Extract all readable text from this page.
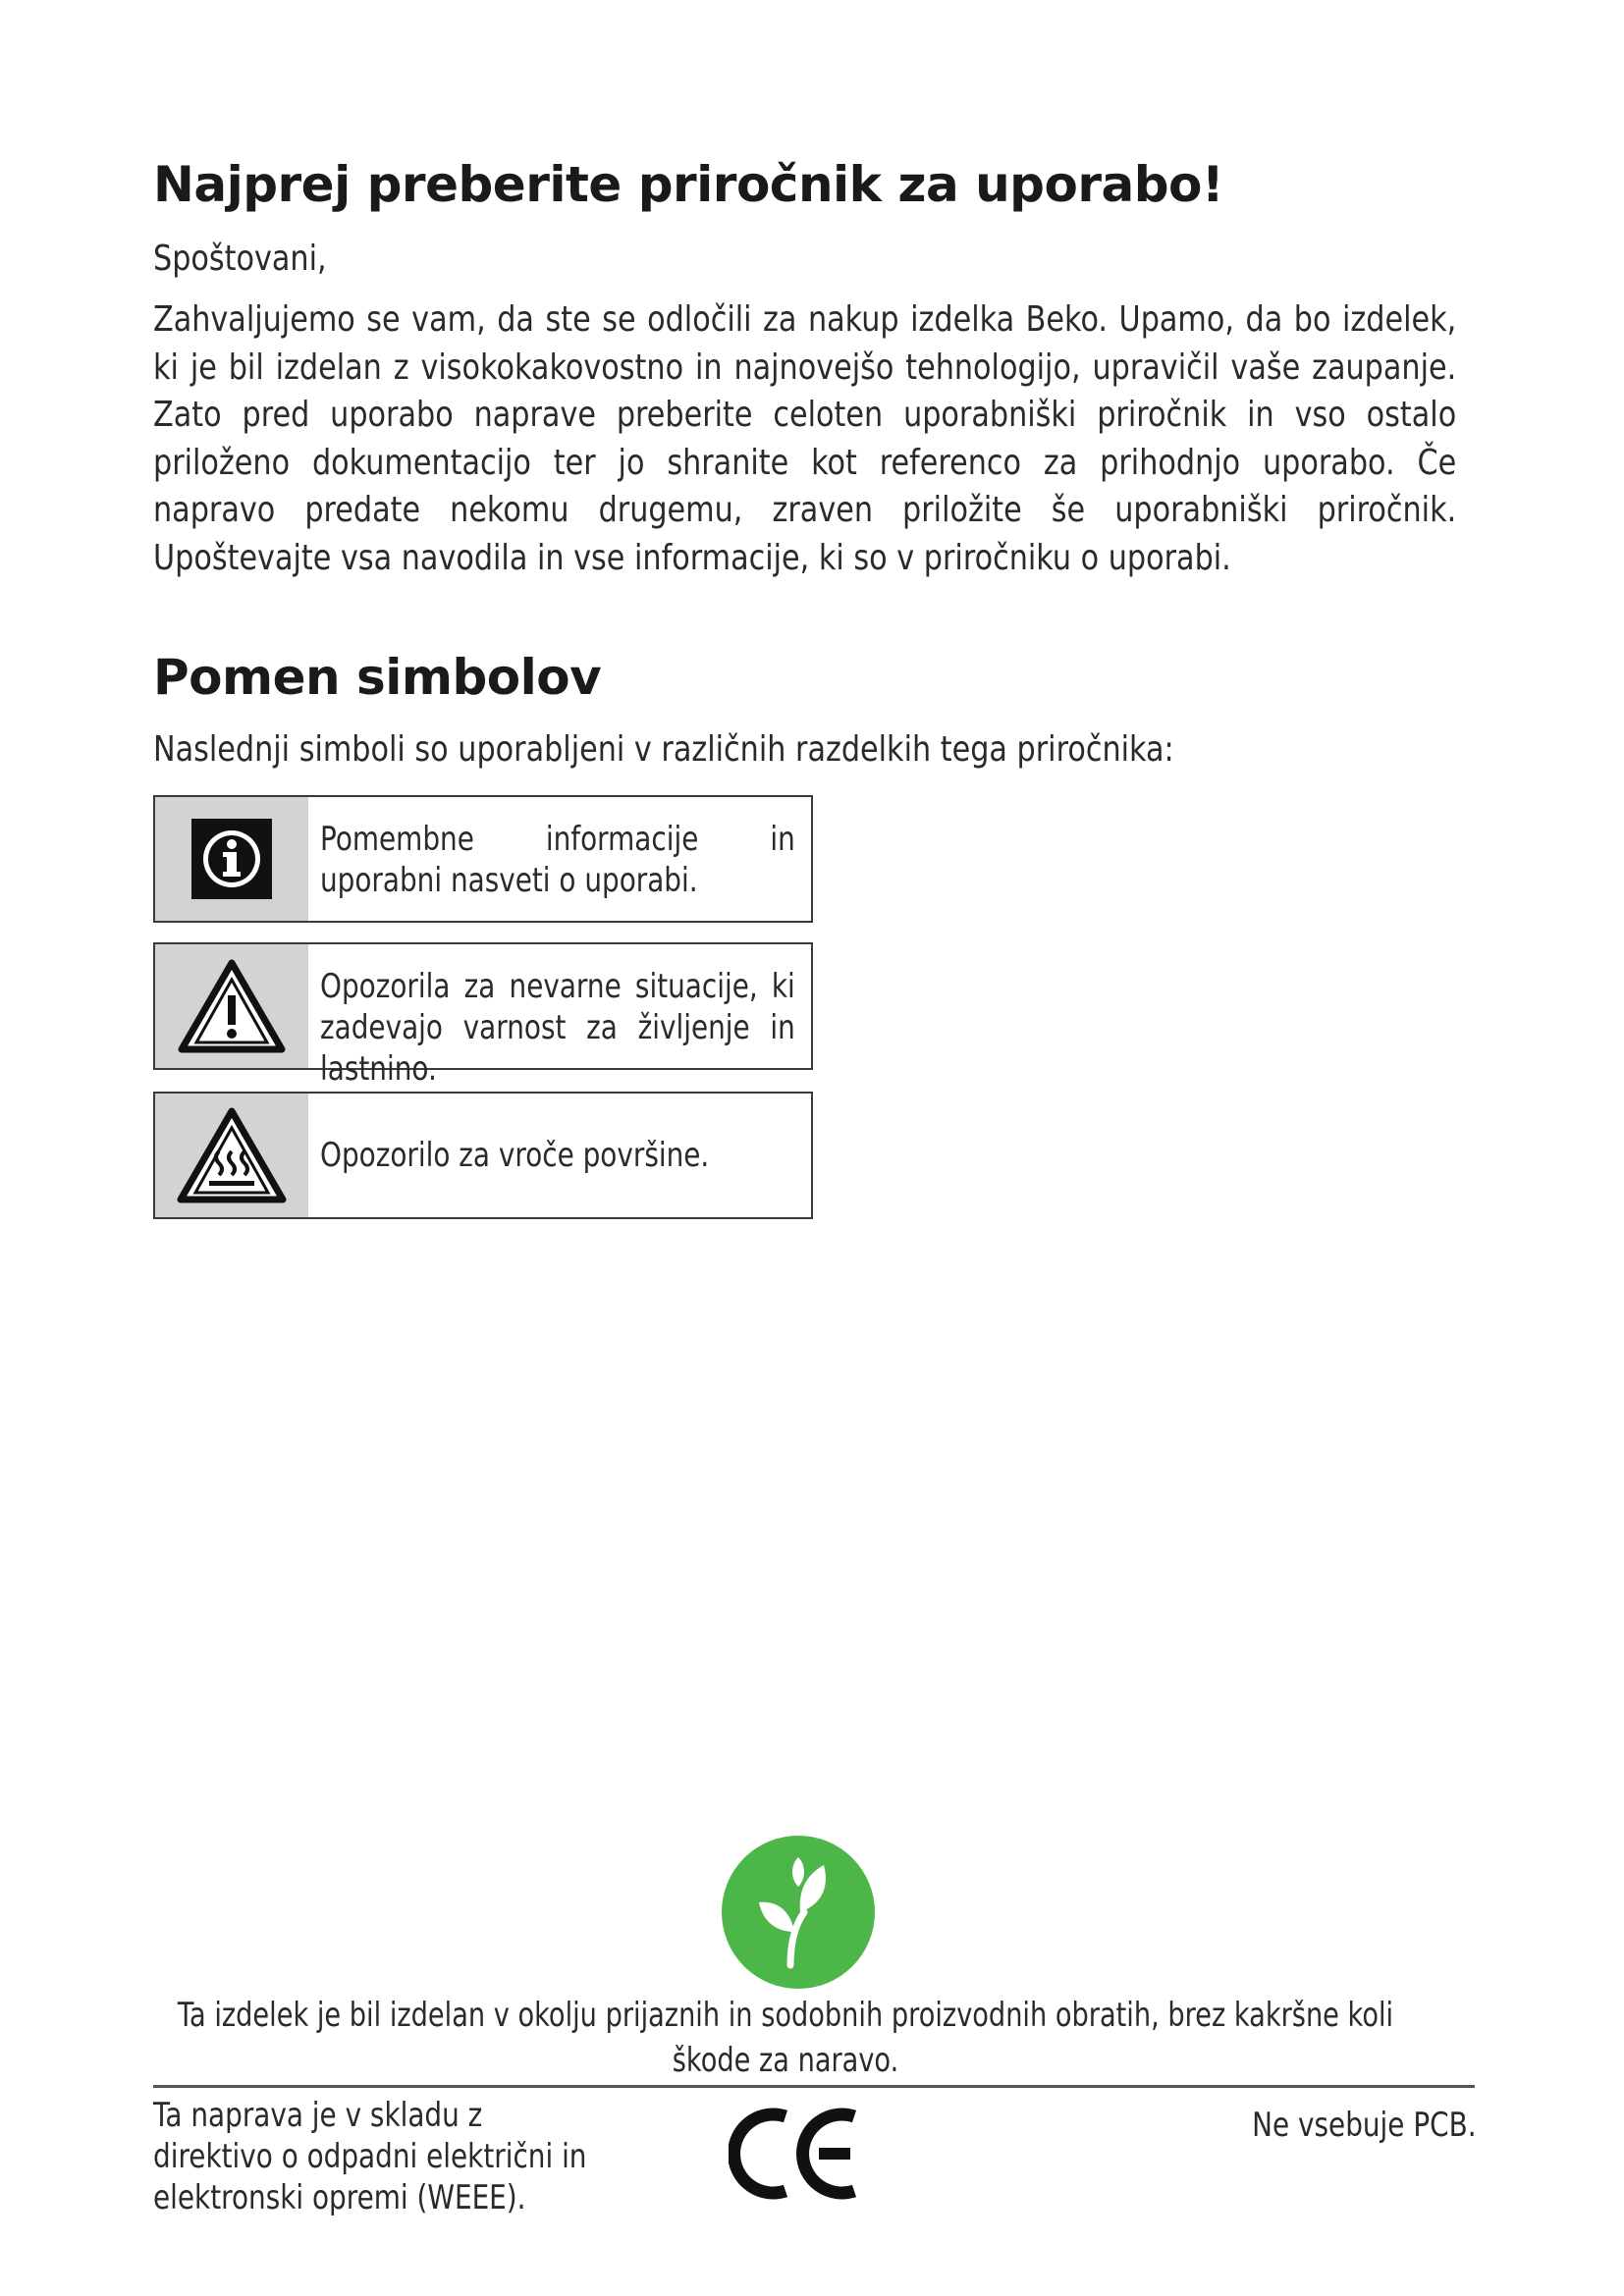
Najprej preberite priročnik za uporabo!

Spoštovani,

Zahvaljujemo se vam, da ste se odločili za nakup izdelka Beko. Upamo, da bo izdelek, ki je bil izdelan z visokokakovostno in najnovejšo tehnologijo, upravičil vaše zaupanje. Zato pred uporabo naprave preberite celoten uporabniški priročnik in vso ostalo priloženo dokumentacijo ter jo shranite kot referenco za prihodnjo uporabo. Če napravo predate nekomu drugemu, zraven priložite še uporabniški priročnik. Upoštevajte vsa navodila in vse informacije, ki so v priročniku o uporabi.

Pomen simbolov

Naslednji simboli so uporabljeni v različnih razdelkih tega priročnika:

Pomembne informacije in uporabni nasveti o uporabi.

Opozorila za nevarne situacije, ki zadevajo varnost za življenje in lastnino.

Opozorilo za vroče površine.

Ta izdelek je bil izdelan v okolju prijaznih in sodobnih proizvodnih obratih, brez kakršne koli škode za naravo.

Ta naprava je v skladu z direktivo o odpadni električni in elektronski opremi (WEEE).

Ne vsebuje PCB.
